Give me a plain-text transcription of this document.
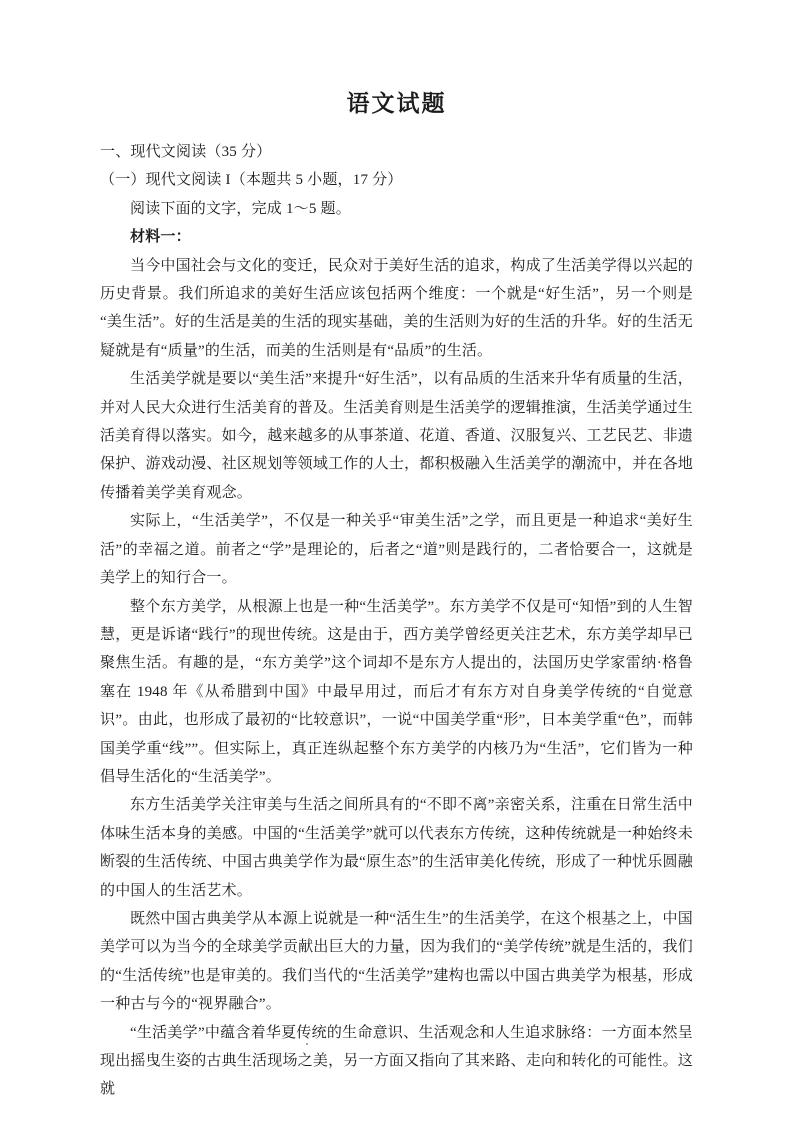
语文试题

一、现代文阅读（35 分）

（一）现代文阅读 I（本题共 5 小题，17 分）

阅读下面的文字，完成 1～5 题。

材料一：

当今中国社会与文化的变迁，民众对于美好生活的追求，构成了生活美学得以兴起的历史背景。我们所追求的美好生活应该包括两个维度：一个就是“好生活”，另一个则是“美生活”。好的生活是美的生活的现实基础，美的生活则为好的生活的升华。好的生活无疑就是有“质量”的生活，而美的生活则是有“品质”的生活。

生活美学就是要以“美生活”来提升“好生活”，以有品质的生活来升华有质量的生活，并对人民大众进行生活美育的普及。生活美育则是生活美学的逻辑推演，生活美学通过生活美育得以落实。如今，越来越多的从事茶道、花道、香道、汉服复兴、工艺民艺、非遗保护、游戏动漫、社区规划等领域工作的人士，都积极融入生活美学的潮流中，并在各地传播着美学美育观念。

实际上，“生活美学”，不仅是一种关乎“审美生活”之学，而且更是一种追求“美好生活”的幸福之道。前者之“学”是理论的，后者之“道”则是践行的，二者恰要合一，这就是美学上的知行合一。

整个东方美学，从根源上也是一种“生活美学”。东方美学不仅是可“知悟”到的人生智慧，更是诉诸“践行”的现世传统。这是由于，西方美学曾经更关注艺术，东方美学却早已聚焦生活。有趣的是，“东方美学”这个词却不是东方人提出的，法国历史学家雷纳·格鲁塞在 1948 年《从希腊到中国》中最早用过，而后才有东方对自身美学传统的“自觉意识”。由此，也形成了最初的“比较意识”，一说“中国美学重“形”，日本美学重“色”，而韩国美学重“线””。但实际上，真正连纵起整个东方美学的内核乃为“生活”，它们皆为一种倡导生活化的“生活美学”。

东方生活美学关注审美与生活之间所具有的“不即不离”亲密关系，注重在日常生活中体味生活本身的美感。中国的“生活美学”就可以代表东方传统，这种传统就是一种始终未断裂的生活传统、中国古典美学作为最“原生态”的生活审美化传统，形成了一种忧乐圆融的中国人的生活艺术。

既然中国古典美学从本源上说就是一种“活生生”的生活美学，在这个根基之上，中国美学可以为当今的全球美学贡献出巨大的力量，因为我们的“美学传统”就是生活的，我们的“生活传统”也是审美的。我们当代的“生活美学”建构也需以中国古典美学为根基，形成一种古与今的“视界融合”。

“生活美学”中蕴含着华夏传统的生命意识、生活观念和人生追求脉络：一方面本然呈现出摇曳生姿的古典生活现场之美，另一方面又指向了其来路、走向和转化的可能性。这就
